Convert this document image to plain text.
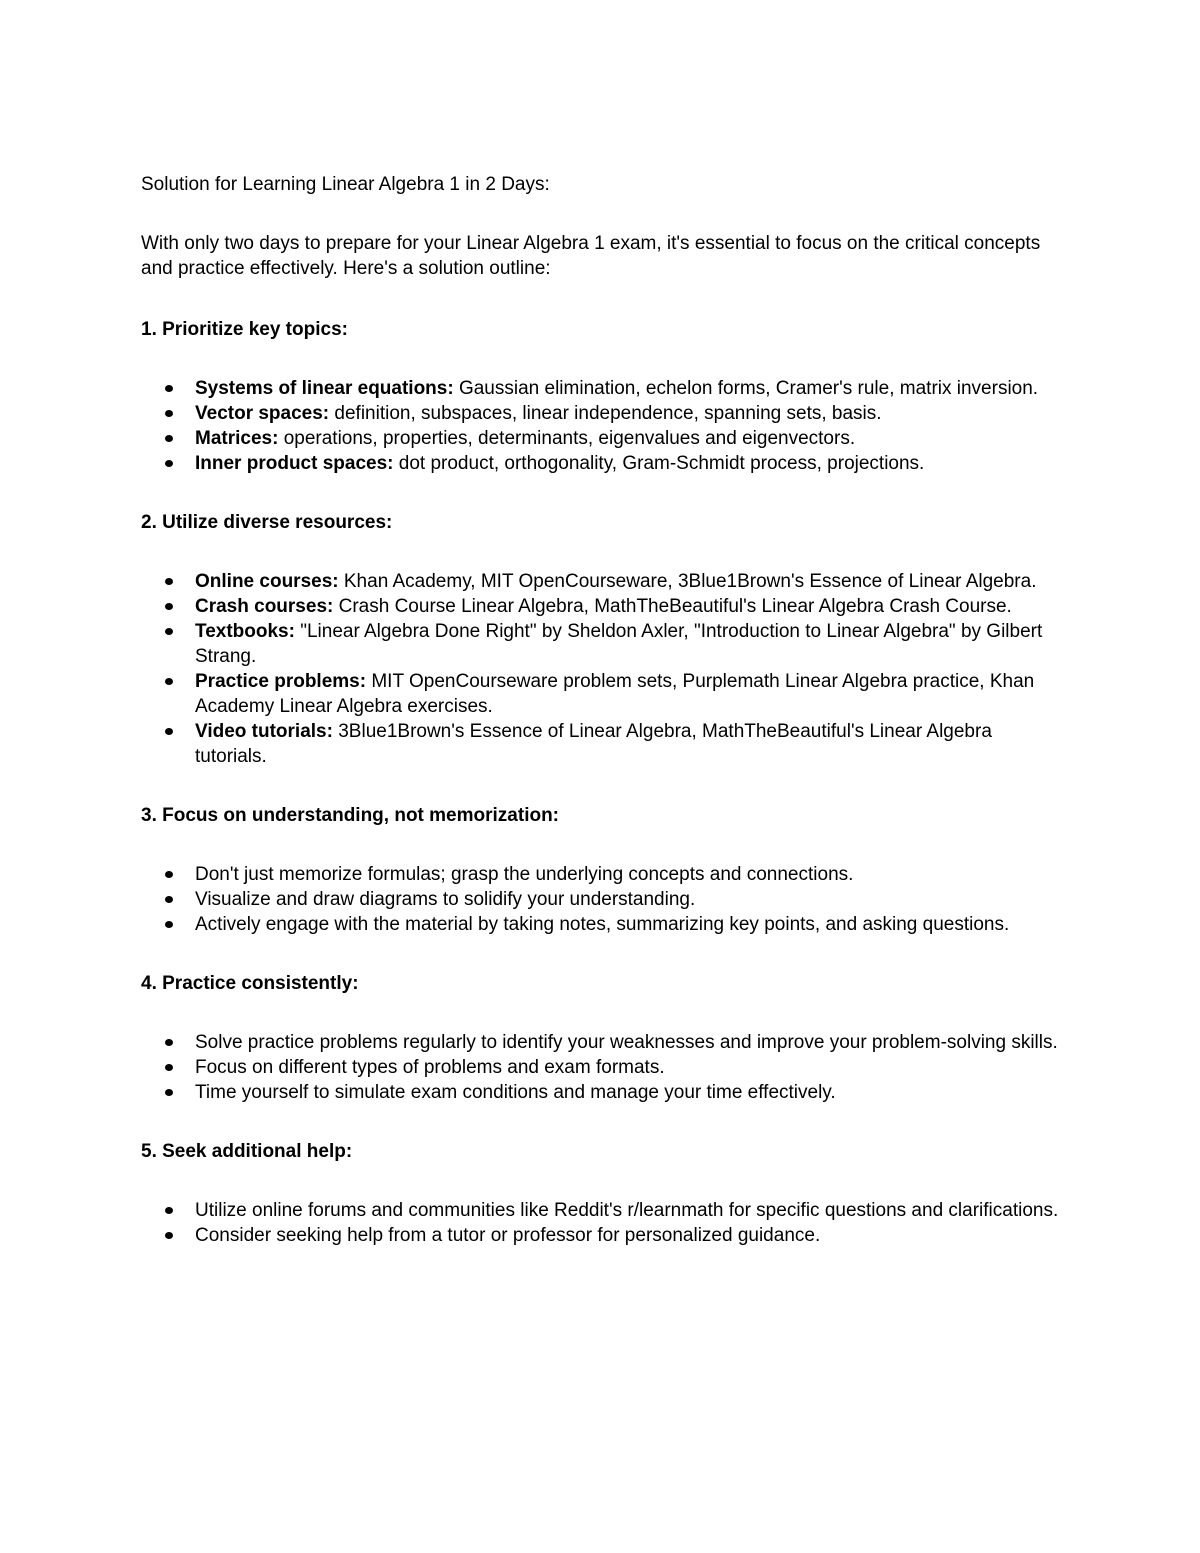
Solution for Learning Linear Algebra 1 in 2 Days:

With only two days to prepare for your Linear Algebra 1 exam, it's essential to focus on the critical concepts and practice effectively. Here's a solution outline:

1. Prioritize key topics:

Systems of linear equations: Gaussian elimination, echelon forms, Cramer's rule, matrix inversion.
Vector spaces: definition, subspaces, linear independence, spanning sets, basis.
Matrices: operations, properties, determinants, eigenvalues and eigenvectors.
Inner product spaces: dot product, orthogonality, Gram-Schmidt process, projections.

2. Utilize diverse resources:

Online courses: Khan Academy, MIT OpenCourseware, 3Blue1Brown's Essence of Linear Algebra.
Crash courses: Crash Course Linear Algebra, MathTheBeautiful's Linear Algebra Crash Course.
Textbooks: "Linear Algebra Done Right" by Sheldon Axler, "Introduction to Linear Algebra" by Gilbert Strang.
Practice problems: MIT OpenCourseware problem sets, Purplemath Linear Algebra practice, Khan Academy Linear Algebra exercises.
Video tutorials: 3Blue1Brown's Essence of Linear Algebra, MathTheBeautiful's Linear Algebra tutorials.

3. Focus on understanding, not memorization:

Don't just memorize formulas; grasp the underlying concepts and connections.
Visualize and draw diagrams to solidify your understanding.
Actively engage with the material by taking notes, summarizing key points, and asking questions.

4. Practice consistently:

Solve practice problems regularly to identify your weaknesses and improve your problem-solving skills.
Focus on different types of problems and exam formats.
Time yourself to simulate exam conditions and manage your time effectively.

5. Seek additional help:

Utilize online forums and communities like Reddit's r/learnmath for specific questions and clarifications.
Consider seeking help from a tutor or professor for personalized guidance.
